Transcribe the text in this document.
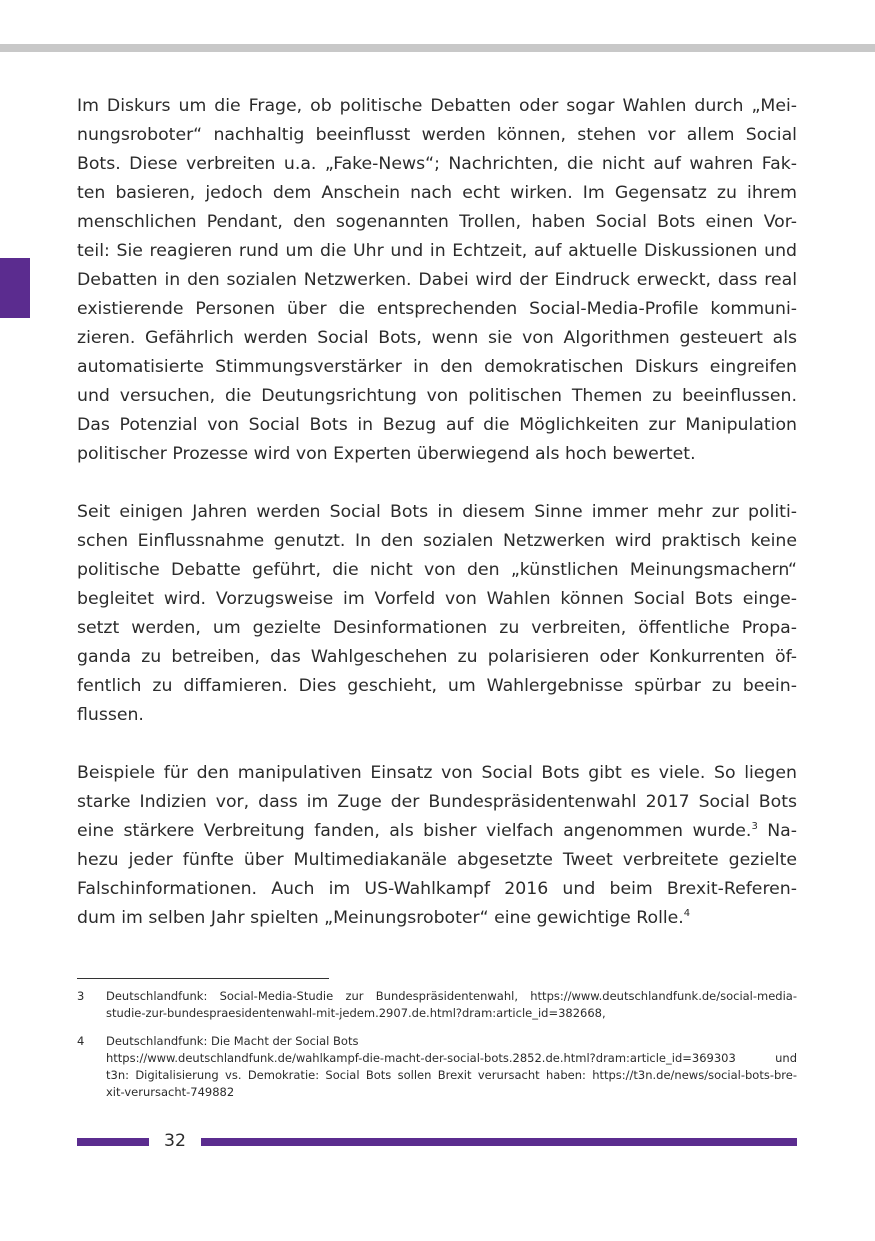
Im Diskurs um die Frage, ob politische Debatten oder sogar Wahlen durch „Mei-
nungsroboter“ nachhaltig beeinflusst werden können, stehen vor allem Social
Bots. Diese verbreiten u.a. „Fake-News“; Nachrichten, die nicht auf wahren Fak-
ten basieren, jedoch dem Anschein nach echt wirken. Im Gegensatz zu ihrem
menschlichen Pendant, den sogenannten Trollen, haben Social Bots einen Vor-
teil: Sie reagieren rund um die Uhr und in Echtzeit, auf aktuelle Diskussionen und
Debatten in den sozialen Netzwerken. Dabei wird der Eindruck erweckt, dass real
existierende Personen über die entsprechenden Social-Media-Profile kommuni-
zieren. Gefährlich werden Social Bots, wenn sie von Algorithmen gesteuert als
automatisierte Stimmungsverstärker in den demokratischen Diskurs eingreifen
und versuchen, die Deutungsrichtung von politischen Themen zu beeinflussen.
Das Potenzial von Social Bots in Bezug auf die Möglichkeiten zur Manipulation
politischer Prozesse wird von Experten überwiegend als hoch bewertet.

Seit einigen Jahren werden Social Bots in diesem Sinne immer mehr zur politi-
schen Einflussnahme genutzt. In den sozialen Netzwerken wird praktisch keine
politische Debatte geführt, die nicht von den „künstlichen Meinungsmachern“
begleitet wird. Vorzugsweise im Vorfeld von Wahlen können Social Bots einge-
setzt werden, um gezielte Desinformationen zu verbreiten, öffentliche Propa-
ganda zu betreiben, das Wahlgeschehen zu polarisieren oder Konkurrenten öf-
fentlich zu diffamieren. Dies geschieht, um Wahlergebnisse spürbar zu beein-
flussen.

Beispiele für den manipulativen Einsatz von Social Bots gibt es viele. So liegen
starke Indizien vor, dass im Zuge der Bundespräsidentenwahl 2017 Social Bots
eine stärkere Verbreitung fanden, als bisher vielfach angenommen wurde.$^3$ Na-
hezu jeder fünfte über Multimediakanäle abgesetzte Tweet verbreitete gezielte
Falschinformationen. Auch im US-Wahlkampf 2016 und beim Brexit-Referen-
dum im selben Jahr spielten „Meinungsroboter“ eine gewichtige Rolle.$^4$

3	Deutschlandfunk: Social-Media-Studie zur Bundespräsidentenwahl, https://www.deutschlandfunk.de/social-media-
studie-zur-bundespraesidentenwahl-mit-jedem.2907.de.html?dram:article_id=382668,
4	Deutschlandfunk: Die Macht der Social Bots
https://www.deutschlandfunk.de/wahlkampf-die-macht-der-social-bots.2852.de.html?dram:article_id=369303 und
t3n: Digitalisierung vs. Demokratie: Social Bots sollen Brexit verursacht haben: https://t3n.de/news/social-bots-bre-
xit-verursacht-749882
32
